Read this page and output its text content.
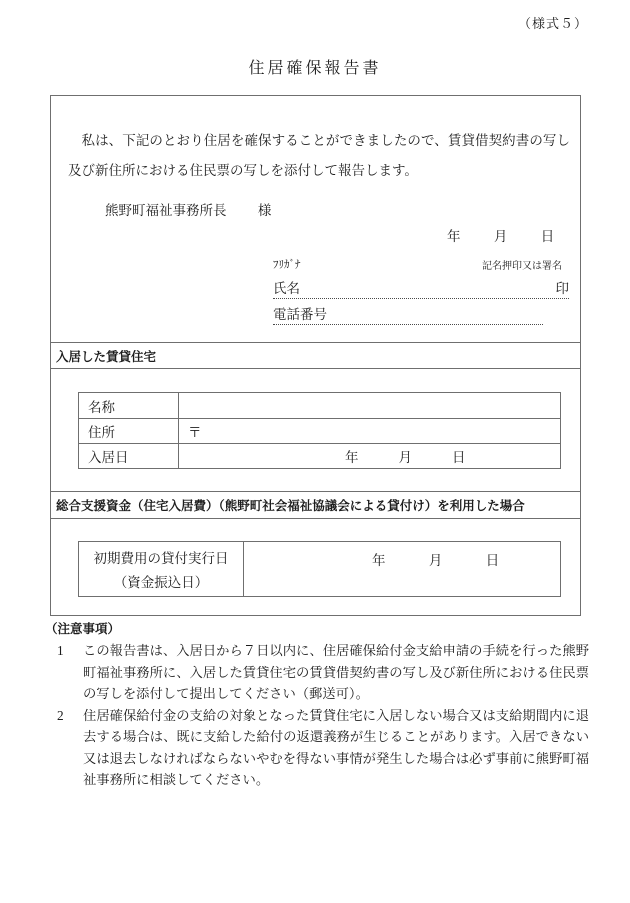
（様式５）
住居確保報告書
私は、下記のとおり住居を確保することができましたので、賃貸借契約書の写し及び新住所における住民票の写しを添付して報告します。
熊野町福祉事務所長 様
年 月 日
ﾌﾘｶﾞﾅ	記名押印又は署名
氏名	印
電話番号
入居した賃貸住宅
名称
住所	〒
入居日	年	月	日
総合支援資金（住宅入居費）（熊野町社会福祉協議会による貸付け）を利用した場合
初期費用の貸付実行日
（資金振込日）
年	月	日
（注意事項）
1	この報告書は、入居日から７日以内に、住居確保給付金支給申請の手続を行った熊野町福祉事務所に、入居した賃貸住宅の賃貸借契約書の写し及び新住所における住民票の写しを添付して提出してください（郵送可）。
2	住居確保給付金の支給の対象となった賃貸住宅に入居しない場合又は支給期間内に退去する場合は、既に支給した給付の返還義務が生じることがあります。入居できない又は退去しなければならないやむを得ない事情が発生した場合は必ず事前に熊野町福祉事務所に相談してください。
